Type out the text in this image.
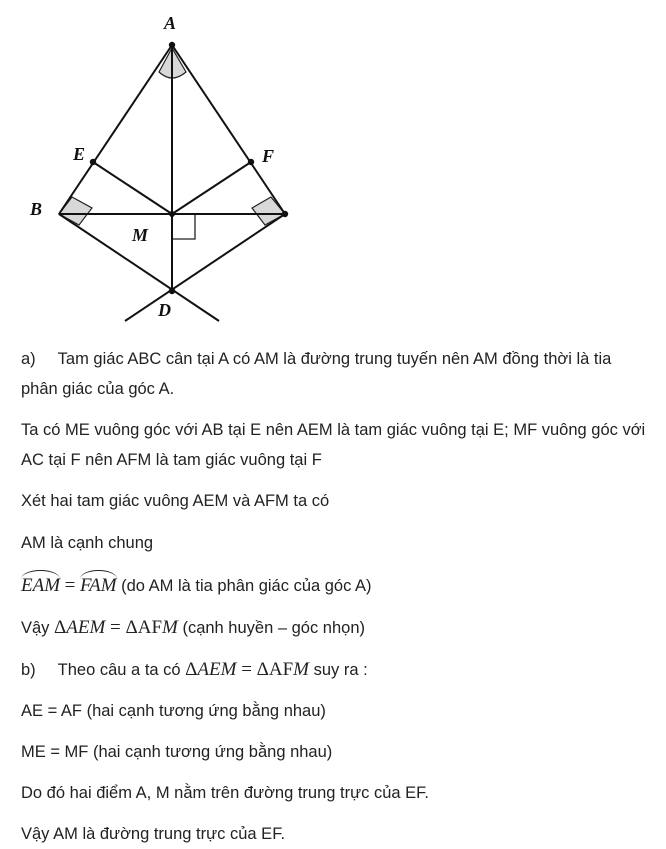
A
E	F
B
M
D

a) Tam giác ABC cân tại A có AM là đường trung tuyến nên AM đồng thời là tia
phân giác của góc A.

Ta có ME vuông góc với AB tại E nên AEM là tam giác vuông tại E; MF vuông góc với
AC tại F nên AFM là tam giác vuông tại F

Xét hai tam giác vuông AEM và AFM ta có

AM là cạnh chung

EAM = FAM (do AM là tia phân giác của góc A)

Vậy ΔAEM = ΔAFM (cạnh huyền – góc nhọn)

b) Theo câu a ta có ΔAEM = ΔAFM suy ra :

AE = AF (hai cạnh tương ứng bằng nhau)

ME = MF (hai cạnh tương ứng bằng nhau)

Do đó hai điểm A, M nằm trên đường trung trực của EF.

Vậy AM là đường trung trực của EF.
